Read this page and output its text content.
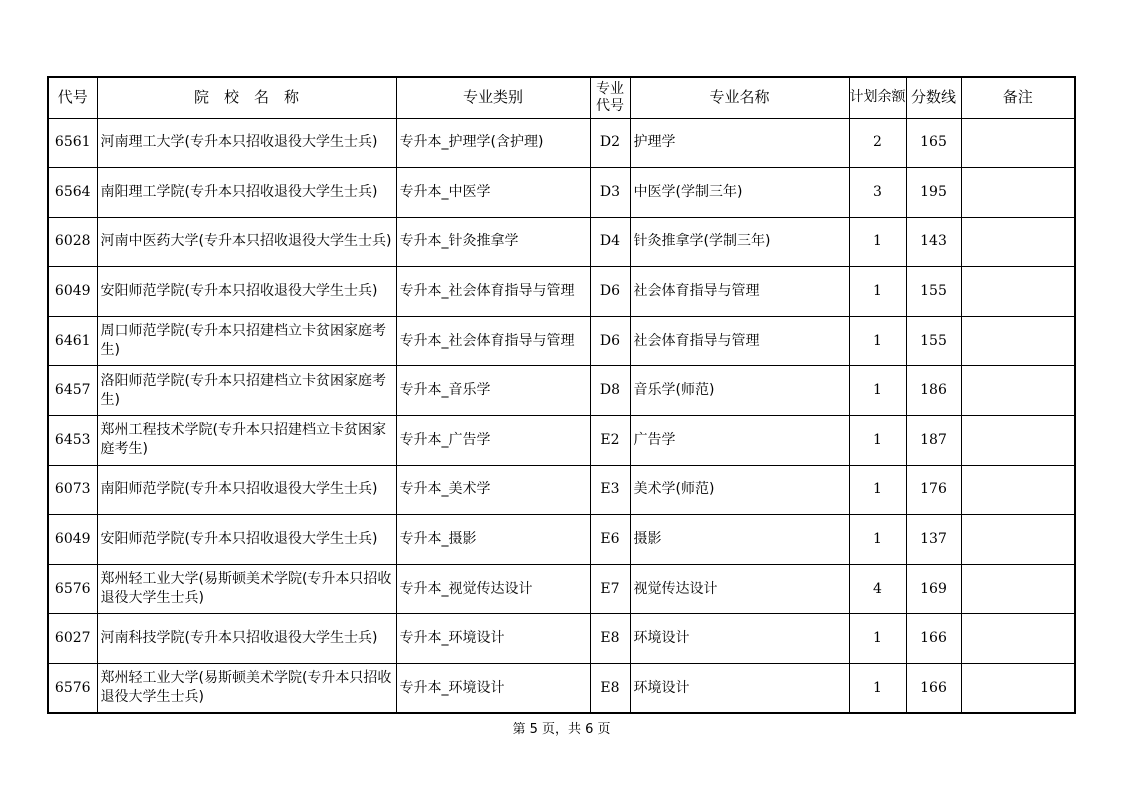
代号	院　校　名　称	专业类别	专业代号	专业名称	计划余额	分数线	备注
6561	河南理工大学(专升本只招收退役大学生士兵)	专升本_护理学(含护理)	D2	护理学	2	165	
6564	南阳理工学院(专升本只招收退役大学生士兵)	专升本_中医学	D3	中医学(学制三年)	3	195	
6028	河南中医药大学(专升本只招收退役大学生士兵)	专升本_针灸推拿学	D4	针灸推拿学(学制三年)	1	143	
6049	安阳师范学院(专升本只招收退役大学生士兵)	专升本_社会体育指导与管理	D6	社会体育指导与管理	1	155	
6461	周口师范学院(专升本只招建档立卡贫困家庭考生)	专升本_社会体育指导与管理	D6	社会体育指导与管理	1	155	
6457	洛阳师范学院(专升本只招建档立卡贫困家庭考生)	专升本_音乐学	D8	音乐学(师范)	1	186	
6453	郑州工程技术学院(专升本只招建档立卡贫困家庭考生)	专升本_广告学	E2	广告学	1	187	
6073	南阳师范学院(专升本只招收退役大学生士兵)	专升本_美术学	E3	美术学(师范)	1	176	
6049	安阳师范学院(专升本只招收退役大学生士兵)	专升本_摄影	E6	摄影	1	137	
6576	郑州轻工业大学(易斯顿美术学院(专升本只招收退役大学生士兵)	专升本_视觉传达设计	E7	视觉传达设计	4	169	
6027	河南科技学院(专升本只招收退役大学生士兵)	专升本_环境设计	E8	环境设计	1	166	
6576	郑州轻工业大学(易斯顿美术学院(专升本只招收退役大学生士兵)	专升本_环境设计	E8	环境设计	1	166	
第 5 页，共 6 页
